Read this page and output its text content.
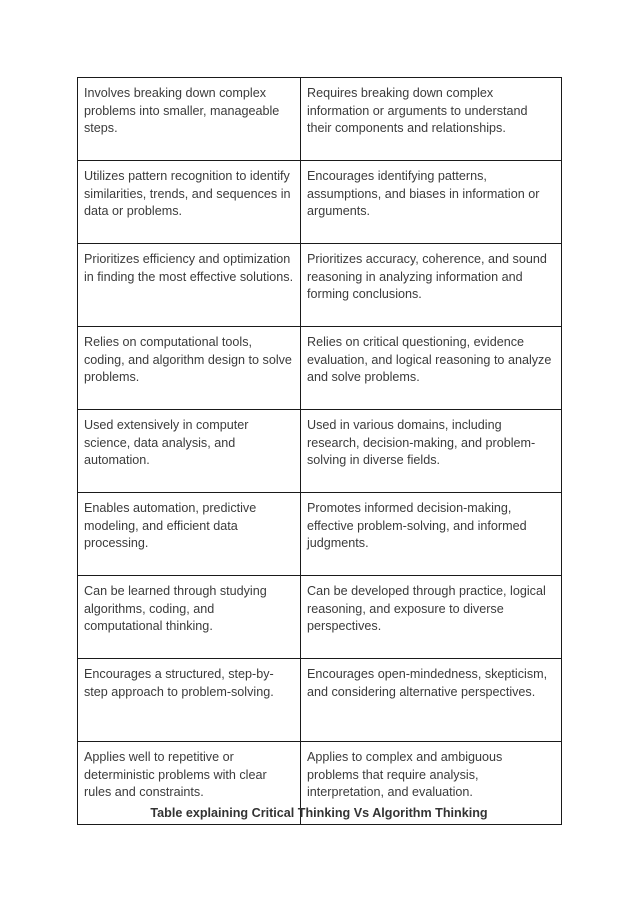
Involves breaking down complex problems into smaller, manageable steps.	Requires breaking down complex information or arguments to understand their components and relationships.
Utilizes pattern recognition to identify similarities, trends, and sequences in data or problems.	Encourages identifying patterns, assumptions, and biases in information or arguments.
Prioritizes efficiency and optimization in finding the most effective solutions.	Prioritizes accuracy, coherence, and sound reasoning in analyzing information and forming conclusions.
Relies on computational tools, coding, and algorithm design to solve problems.	Relies on critical questioning, evidence evaluation, and logical reasoning to analyze and solve problems.
Used extensively in computer science, data analysis, and automation.	Used in various domains, including research, decision-making, and problem-solving in diverse fields.
Enables automation, predictive modeling, and efficient data processing.	Promotes informed decision-making, effective problem-solving, and informed judgments.
Can be learned through studying algorithms, coding, and computational thinking.	Can be developed through practice, logical reasoning, and exposure to diverse perspectives.
Encourages a structured, step-by-step approach to problem-solving.	Encourages open-mindedness, skepticism, and considering alternative perspectives.
Applies well to repetitive or deterministic problems with clear rules and constraints.	Applies to complex and ambiguous problems that require analysis, interpretation, and evaluation.
Table explaining Critical Thinking Vs Algorithm Thinking
